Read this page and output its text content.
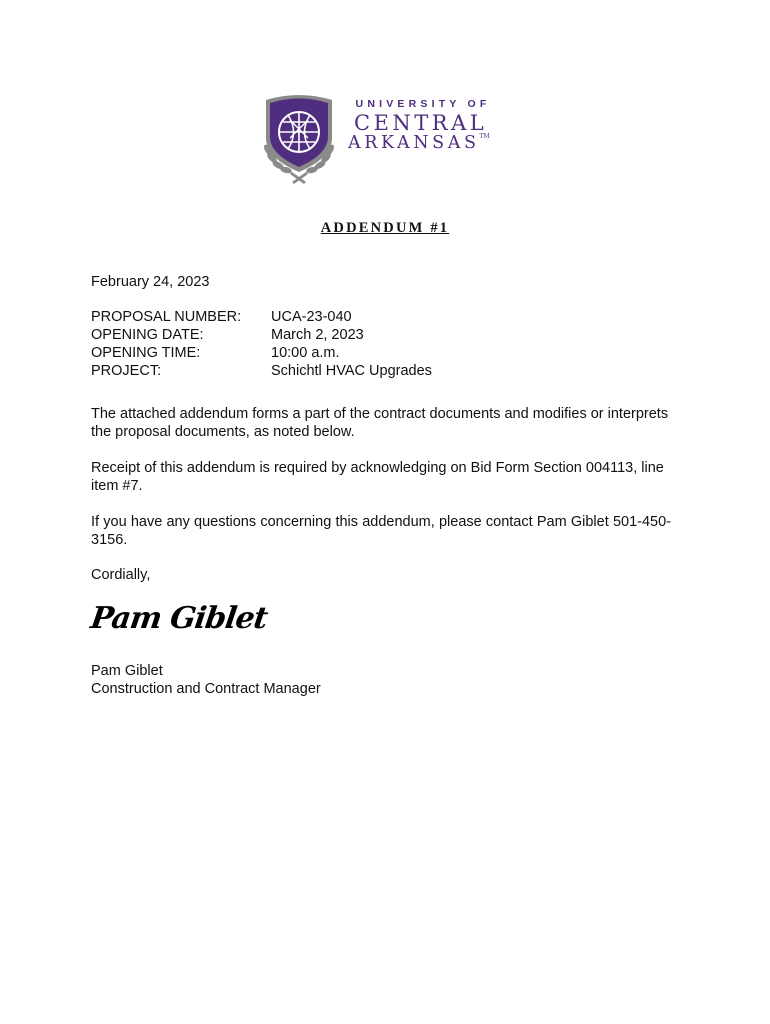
UNIVERSITY OF
CENTRAL
ARKANSAS™
ADDENDUM #1
February 24, 2023
PROPOSAL NUMBER:	UCA-23-040
OPENING DATE:	March 2, 2023
OPENING TIME:	10:00 a.m.
PROJECT:	Schichtl HVAC Upgrades
The attached addendum forms a part of the contract documents and modifies or interprets the proposal documents, as noted below.
Receipt of this addendum is required by acknowledging on Bid Form Section 004113, line item #7.
If you have any questions concerning this addendum, please contact Pam Giblet 501-450-3156.
Cordially,
Pam Giblet
Pam Giblet
Construction and Contract Manager
